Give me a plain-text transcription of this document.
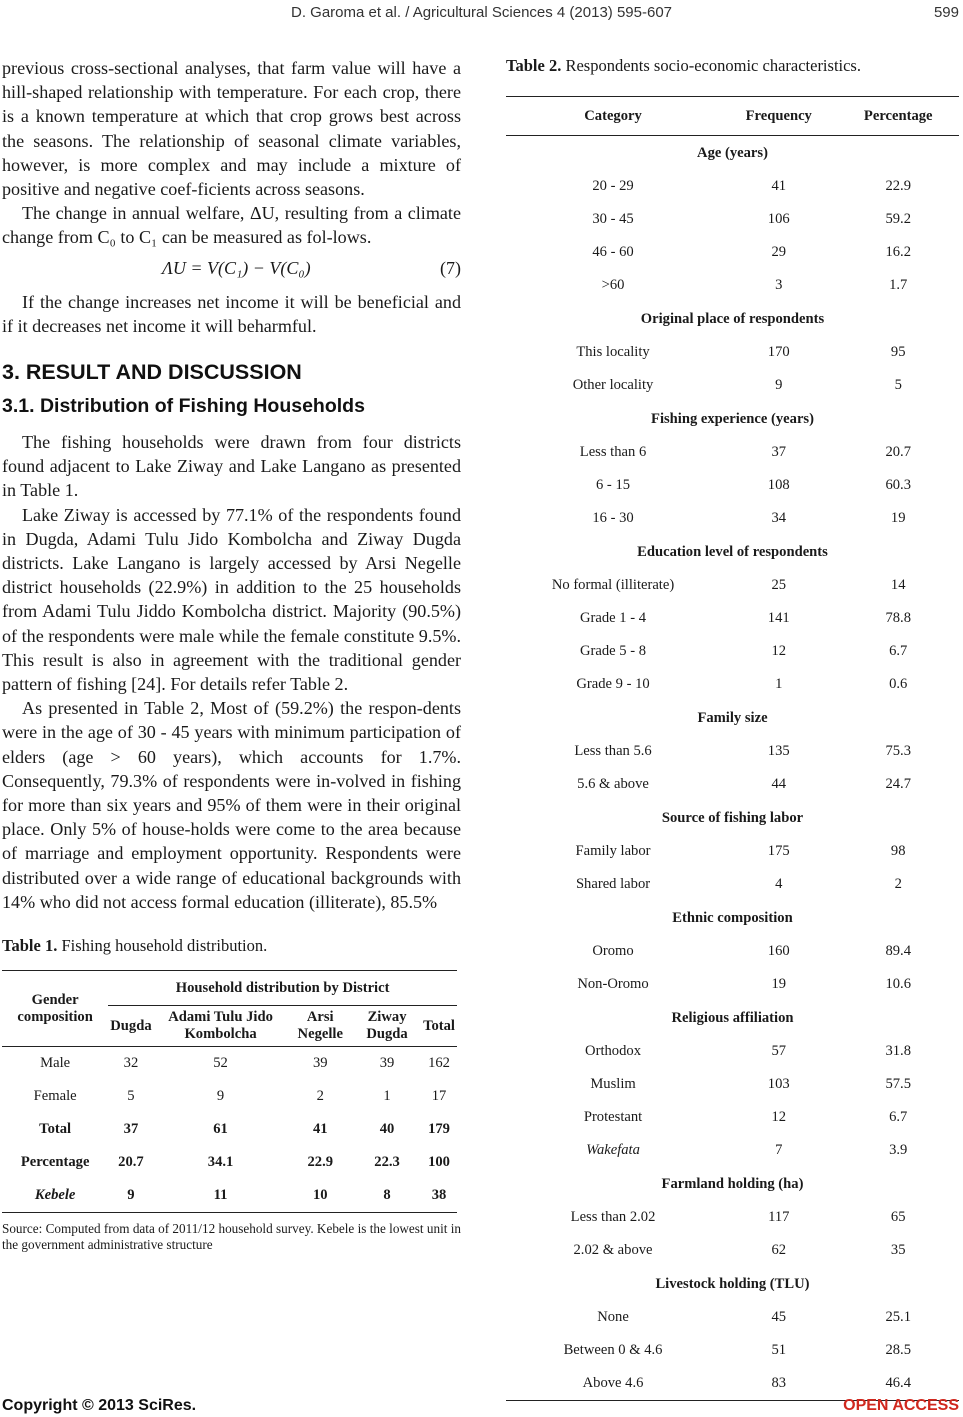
D. Garoma et al. / Agricultural Sciences 4 (2013) 595-607	599

previous cross-sectional analyses, that farm value will have a hill-shaped relationship with temperature. For each crop, there is a known temperature at which that crop grows best across the seasons. The relationship of seasonal climate variables, however, is more complex and may include a mixture of positive and negative coef-ficients across seasons.

The change in annual welfare, ΔU, resulting from a climate change from C₀ to C₁ can be measured as fol-lows.

ΛU = V(C₁) − V(C₀)	(7)

If the change increases net income it will be beneficial and if it decreases net income it will beharmful.

3. RESULT AND DISCUSSION
3.1. Distribution of Fishing Households

The fishing households were drawn from four districts found adjacent to Lake Ziway and Lake Langano as presented in Table 1.

Lake Ziway is accessed by 77.1% of the respondents found in Dugda, Adami Tulu Jido Kombolcha and Ziway Dugda districts. Lake Langano is largely accessed by Arsi Negelle district households (22.9%) in addition to the 25 households from Adami Tulu Jiddo Kombolcha district. Majority (90.5%) of the respondents were male while the female constitute 9.5%. This result is also in agreement with the traditional gender pattern of fishing [24]. For details refer Table 2.

As presented in Table 2, Most of (59.2%) the respon-dents were in the age of 30 - 45 years with minimum participation of elders (age > 60 years), which accounts for 1.7%. Consequently, 79.3% of respondents were in-volved in fishing for more than six years and 95% of them were in their original place. Only 5% of house-holds were come to the area because of marriage and employment opportunity. Respondents were distributed over a wide range of educational backgrounds with 14% who did not access formal education (illiterate), 85.5%

Table 1. Fishing household distribution.
Gender composition	Household distribution by District				
	Dugda	Adami Tulu Jido Kombolcha	Arsi Negelle	Ziway Dugda	Total
Male	32	52	39	39	162
Female	5	9	2	1	17
Total	37	61	41	40	179
Percentage	20.7	34.1	22.9	22.3	100
Kebele	9	11	10	8	38
Source: Computed from data of 2011/12 household survey. Kebele is the lowest unit in the government administrative structure
Table 2. Respondents socio-economic characteristics.
Category	Frequency	Percentage
Age (years)		
20 - 29	41	22.9
30 - 45	106	59.2
46 - 60	29	16.2
>60	3	1.7
Original place of respondents		
This locality	170	95
Other locality	9	5
Fishing experience (years)		
Less than 6	37	20.7
6 - 15	108	60.3
16 - 30	34	19
Education level of respondents		
No formal (illiterate)	25	14
Grade 1 - 4	141	78.8
Grade 5 - 8	12	6.7
Grade 9 - 10	1	0.6
Family size		
Less than 5.6	135	75.3
5.6 & above	44	24.7
Source of fishing labor		
Family labor	175	98
Shared labor	4	2
Ethnic composition		
Oromo	160	89.4
Non-Oromo	19	10.6
Religious affiliation		
Orthodox	57	31.8
Muslim	103	57.5
Protestant	12	6.7
Wakefata	7	3.9
Farmland holding (ha)		
Less than 2.02	117	65
2.02 & above	62	35
Livestock holding (TLU)		
None	45	25.1
Between 0 & 4.6	51	28.5
Above 4.6	83	46.4
Copyright © 2013 SciRes.	OPEN ACCESS
